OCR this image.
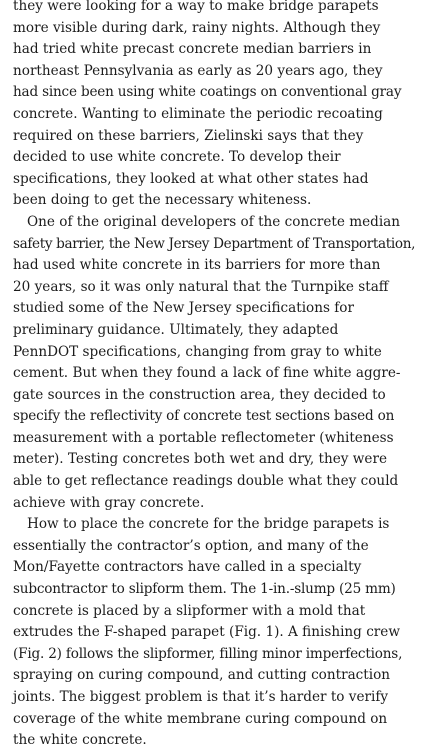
they were looking for a way to make bridge parapets
more visible during dark, rainy nights. Although they
had tried white precast concrete median barriers in
northeast Pennsylvania as early as 20 years ago, they
had since been using white coatings on conventional gray
concrete. Wanting to eliminate the periodic recoating
required on these barriers, Zielinski says that they
decided to use white concrete. To develop their
specifications, they looked at what other states had
been doing to get the necessary whiteness.

One of the original developers of the concrete median
safety barrier, the New Jersey Department of Transportation,
had used white concrete in its barriers for more than
20 years, so it was only natural that the Turnpike staff
studied some of the New Jersey specifications for
preliminary guidance. Ultimately, they adapted
PennDOT specifications, changing from gray to white
cement. But when they found a lack of fine white aggre-
gate sources in the construction area, they decided to
specify the reflectivity of concrete test sections based on
measurement with a portable reflectometer (whiteness
meter). Testing concretes both wet and dry, they were
able to get reflectance readings double what they could
achieve with gray concrete.

How to place the concrete for the bridge parapets is
essentially the contractor’s option, and many of the
Mon/Fayette contractors have called in a specialty
subcontractor to slipform them. The 1-in.-slump (25 mm)
concrete is placed by a slipformer with a mold that
extrudes the F-shaped parapet (Fig. 1). A finishing crew
(Fig. 2) follows the slipformer, filling minor imperfections,
spraying on curing compound, and cutting contraction
joints. The biggest problem is that it’s harder to verify
coverage of the white membrane curing compound on
the white concrete.
